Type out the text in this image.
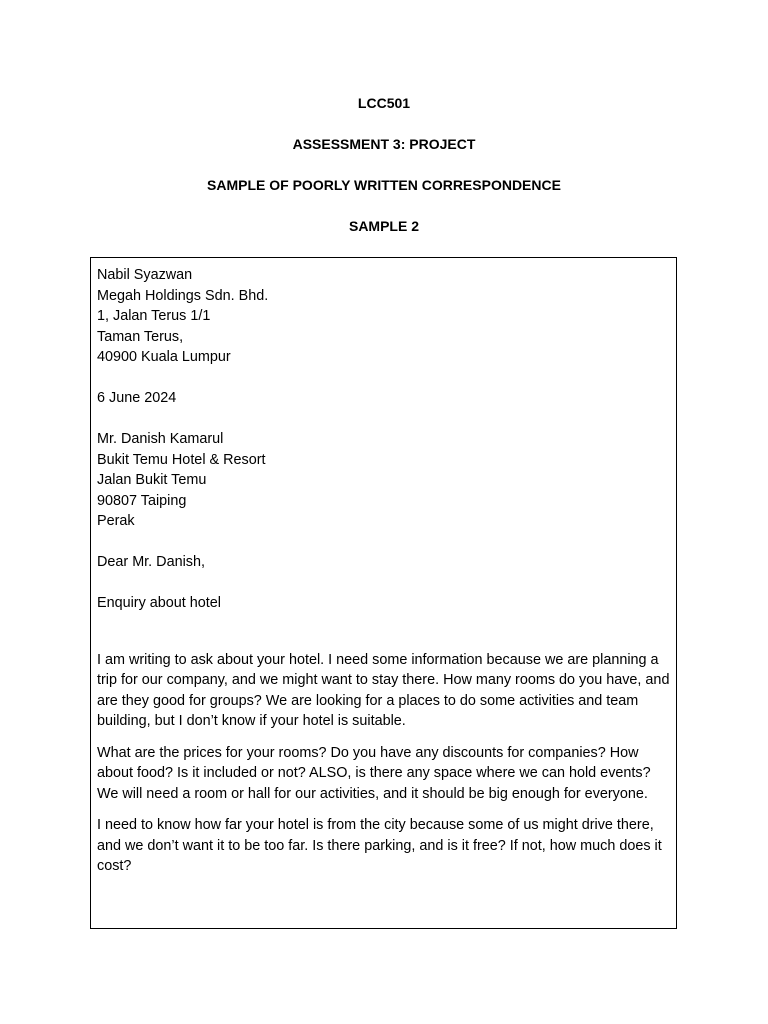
LCC501

ASSESSMENT 3: PROJECT

SAMPLE OF POORLY WRITTEN CORRESPONDENCE

SAMPLE 2

Nabil Syazwan
Megah Holdings Sdn. Bhd.
1, Jalan Terus 1/1
Taman Terus,
40900 Kuala Lumpur
6 June 2024
Mr. Danish Kamarul
Bukit Temu Hotel & Resort
Jalan Bukit Temu
90807 Taiping
Perak
Dear Mr. Danish,
Enquiry about hotel

I am writing to ask about your hotel. I need some information because we are planning a trip for our company, and we might want to stay there. How many rooms do you have, and are they good for groups? We are looking for a places to do some activities and team building, but I don’t know if your hotel is suitable.

What are the prices for your rooms? Do you have any discounts for companies? How about food? Is it included or not? ALSO, is there any space where we can hold events? We will need a room or hall for our activities, and it should be big enough for everyone.

I need to know how far your hotel is from the city because some of us might drive there, and we don’t want it to be too far. Is there parking, and is it free? If not, how much does it cost?
